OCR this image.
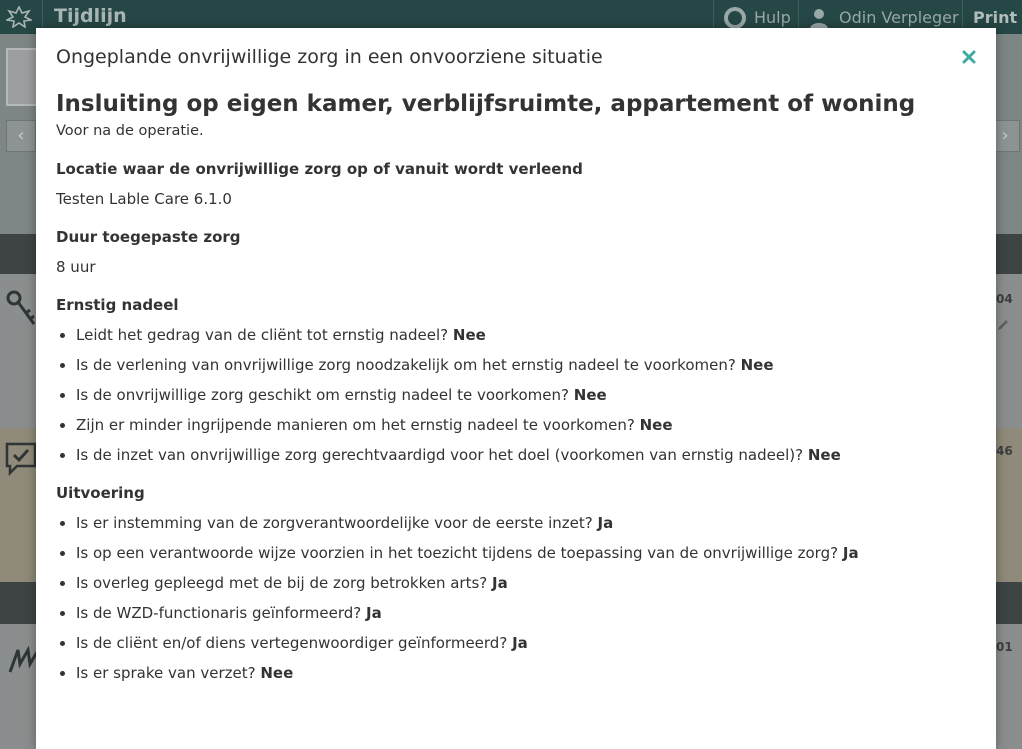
Tijdlijn	Hulp	Odin Verpleger Print
‹	›
04
46
01
Ongeplande onvrijwillige zorg in een onvoorziene situatie
Insluiting op eigen kamer, verblijfsruimte, appartement of woning

Voor na de operatie.

Locatie waar de onvrijwillige zorg op of vanuit wordt verleend

Testen Lable Care 6.1.0

Duur toegepaste zorg

8 uur

Ernstig nadeel

• Leidt het gedrag van de cliënt tot ernstig nadeel? Nee
• Is de verlening van onvrijwillige zorg noodzakelijk om het ernstig nadeel te voorkomen? Nee
• Is de onvrijwillige zorg geschikt om ernstig nadeel te voorkomen? Nee
• Zijn er minder ingrijpende manieren om het ernstig nadeel te voorkomen? Nee
• Is de inzet van onvrijwillige zorg gerechtvaardigd voor het doel (voorkomen van ernstig nadeel)? Nee

Uitvoering

• Is er instemming van de zorgverantwoordelijke voor de eerste inzet? Ja
• Is op een verantwoorde wijze voorzien in het toezicht tijdens de toepassing van de onvrijwillige zorg? Ja
• Is overleg gepleegd met de bij de zorg betrokken arts? Ja
• Is de WZD-functionaris geïnformeerd? Ja
• Is de cliënt en/of diens vertegenwoordiger geïnformeerd? Ja
• Is er sprake van verzet? Nee
